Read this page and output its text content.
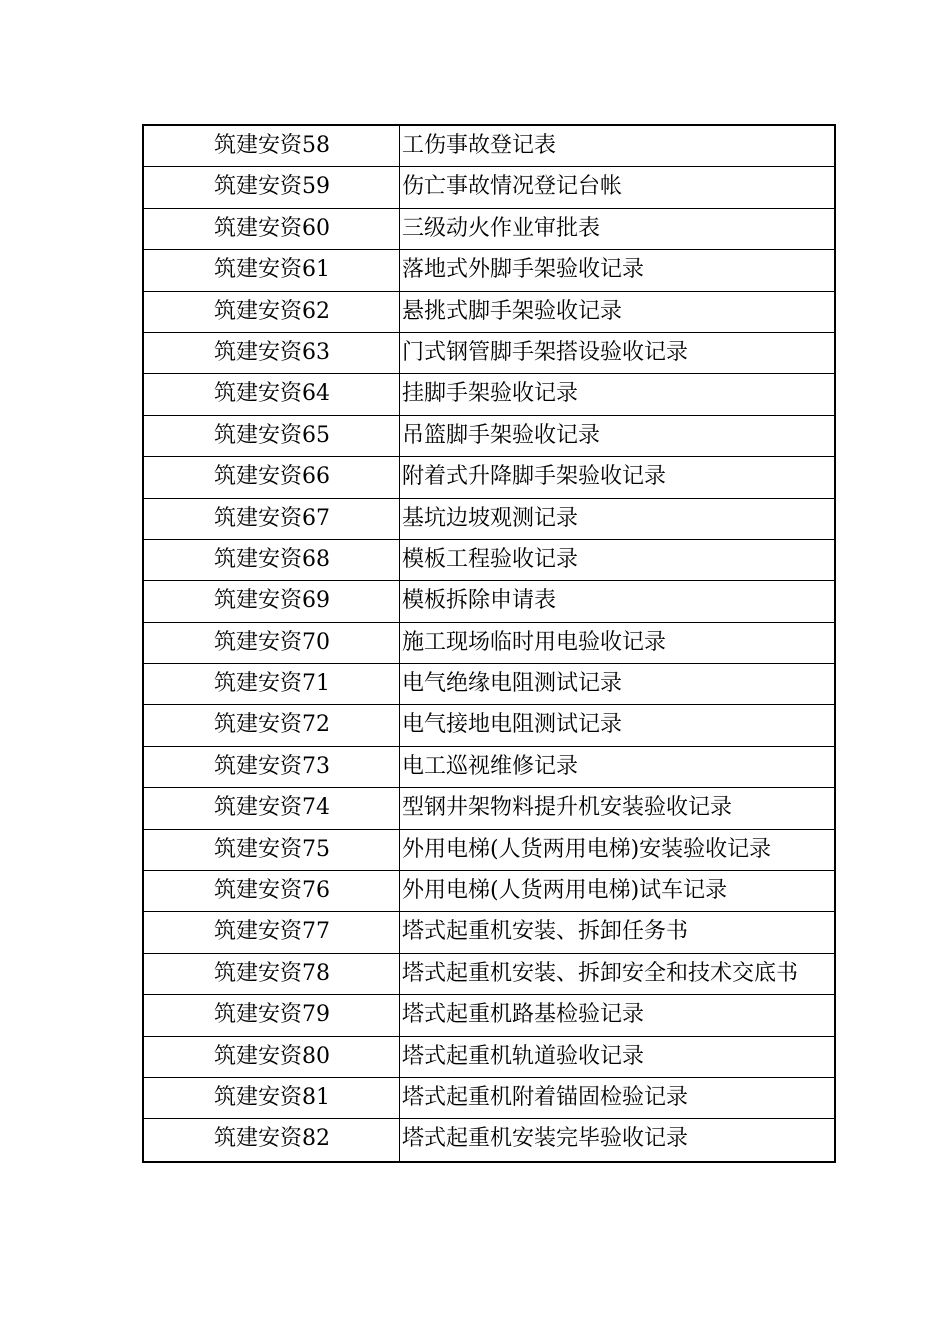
筑建安资58	工伤事故登记表
筑建安资59	伤亡事故情况登记台帐
筑建安资60	三级动火作业审批表
筑建安资61	落地式外脚手架验收记录
筑建安资62	悬挑式脚手架验收记录
筑建安资63	门式钢管脚手架搭设验收记录
筑建安资64	挂脚手架验收记录
筑建安资65	吊篮脚手架验收记录
筑建安资66	附着式升降脚手架验收记录
筑建安资67	基坑边坡观测记录
筑建安资68	模板工程验收记录
筑建安资69	模板拆除申请表
筑建安资70	施工现场临时用电验收记录
筑建安资71	电气绝缘电阻测试记录
筑建安资72	电气接地电阻测试记录
筑建安资73	电工巡视维修记录
筑建安资74	型钢井架物料提升机安装验收记录
筑建安资75	外用电梯(人货两用电梯)安装验收记录
筑建安资76	外用电梯(人货两用电梯)试车记录
筑建安资77	塔式起重机安装、拆卸任务书
筑建安资78	塔式起重机安装、拆卸安全和技术交底书
筑建安资79	塔式起重机路基检验记录
筑建安资80	塔式起重机轨道验收记录
筑建安资81	塔式起重机附着锚固检验记录
筑建安资82	塔式起重机安装完毕验收记录
